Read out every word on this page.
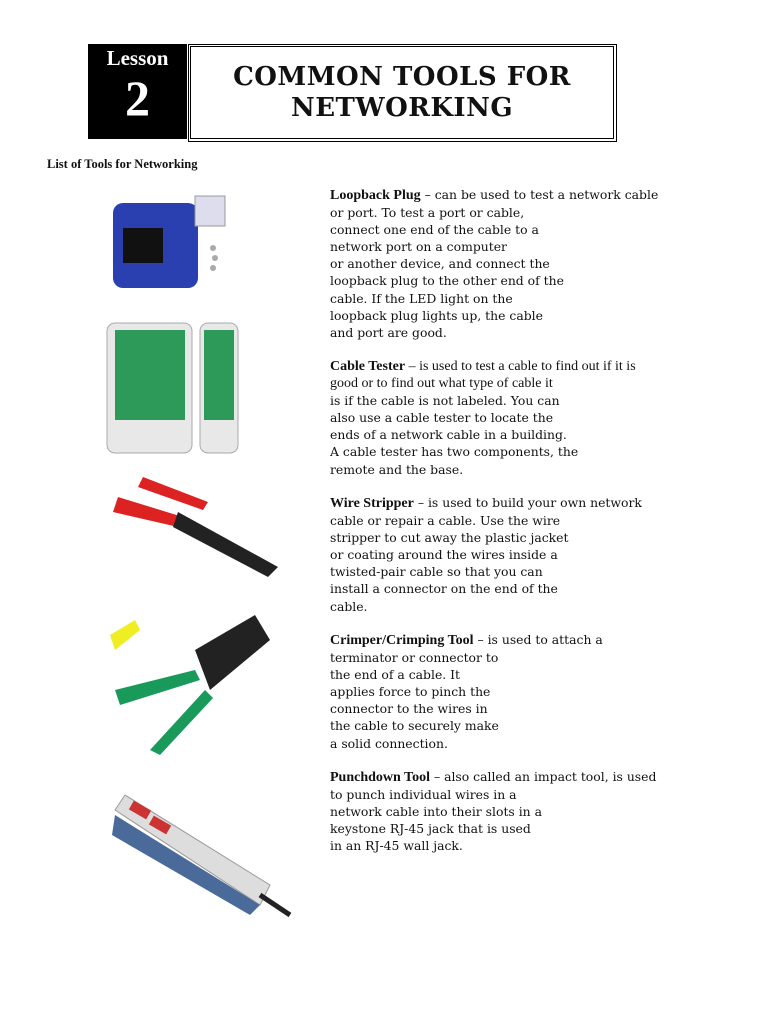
Lesson
2	COMMON TOOLS FOR
NETWORKING
List of Tools for Networking
Loopback Plug – can be used to test a network cable
or port. To test a port or cable,
connect one end of the cable to a
network port on a computer
or another device, and connect the
loopback plug to the other end of the
cable. If the LED light on the
loopback plug lights up, the cable
and port are good.
Cable Tester – is used to test a cable to find out if it is
good or to find out what type of cable it
is if the cable is not labeled. You can
also use a cable tester to locate the
ends of a network cable in a building.
A cable tester has two components, the
remote and the base.
Wire Stripper – is used to build your own network
cable or repair a cable. Use the wire
stripper to cut away the plastic jacket
or coating around the wires inside a
twisted-pair cable so that you can
install a connector on the end of the
cable.
Crimper/Crimping Tool – is used to attach a
terminator or connector to
the end of a cable. It
applies force to pinch the
connector to the wires in
the cable to securely make
a solid connection.
Punchdown Tool – also called an impact tool, is used
to punch individual wires in a
network cable into their slots in a
keystone RJ-45 jack that is used
in an RJ-45 wall jack.
